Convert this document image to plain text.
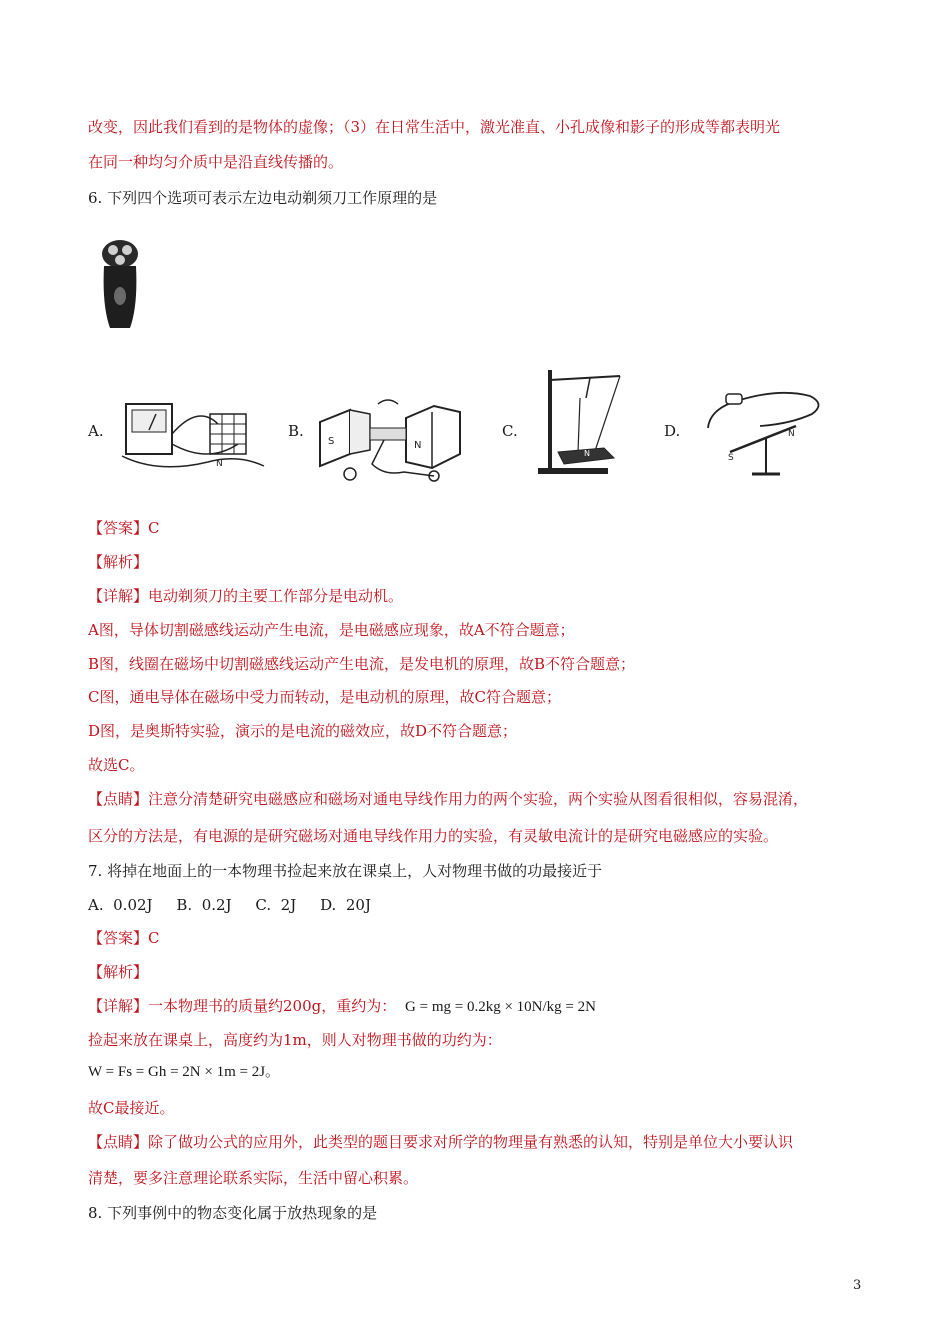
改变，因此我们看到的是物体的虚像；（3）在日常生活中，激光准直、小孔成像和影子的形成等都表明光
在同一种均匀介质中是沿直线传播的。
6. 下列四个选项可表示左边电动剃须刀工作原理的是
A.
N
B.
S	N
C.
N
D.
S
N
【答案】C
【解析】
【详解】电动剃须刀的主要工作部分是电动机。
A图，导体切割磁感线运动产生电流，是电磁感应现象，故A不符合题意；
B图，线圈在磁场中切割磁感线运动产生电流，是发电机的原理，故B不符合题意；
C图，通电导体在磁场中受力而转动，是电动机的原理，故C符合题意；
D图，是奥斯特实验，演示的是电流的磁效应，故D不符合题意；
故选C。
【点睛】注意分清楚研究电磁感应和磁场对通电导线作用力的两个实验，两个实验从图看很相似，容易混淆，
区分的方法是，有电源的是研究磁场对通电导线作用力的实验，有灵敏电流计的是研究电磁感应的实验。
7. 将掉在地面上的一本物理书捡起来放在课桌上，人对物理书做的功最接近于
A.  0.02J     B.  0.2J     C.  2J     D.  20J
【答案】C
【解析】
【详解】一本物理书的质量约200g，重约为： G = mg = 0.2kg × 10N/kg = 2N
捡起来放在课桌上，高度约为1m，则人对物理书做的功约为：
W = Fs = Gh = 2N × 1m = 2J。
故C最接近。
【点睛】除了做功公式的应用外，此类型的题目要求对所学的物理量有熟悉的认知，特别是单位大小要认识
清楚，要多注意理论联系实际，生活中留心积累。
8. 下列事例中的物态变化属于放热现象的是
3
